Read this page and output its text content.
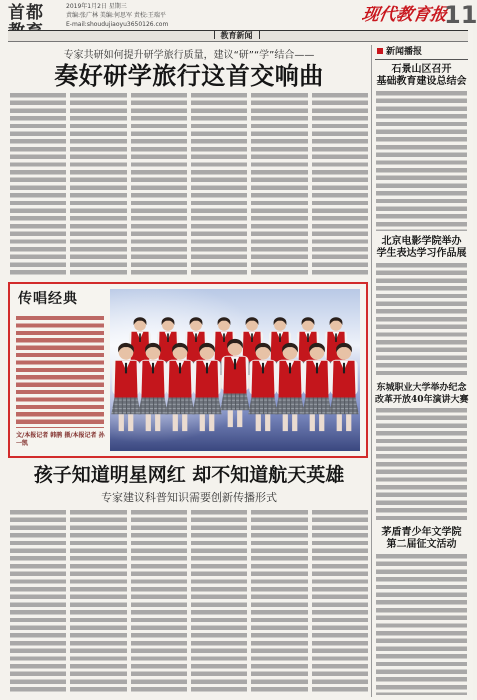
首都	2019年1月2日 星期三
责编:张广林 美编:何思军 责校:王瑞平
E-mail:shoudujiaoyu3650126.com	现代教育报
11
教育新闻
专家共研如何提升研学旅行质量，建议“研”“学”结合——
奏好研学旅行这首交响曲
传唱经典
文/本报记者 韩鹃 摄/本报记者 孙一凯
孩子知道明星网红 却不知道航天英雄
专家建议科普知识需要创新传播形式
新闻播报
石景山区召开
基础教育建设总结会
北京电影学院举办
学生表达学习作品展
东城职业大学举办纪念
改革开放40年演讲大赛
茅盾青少年文学院
第二届征文活动
